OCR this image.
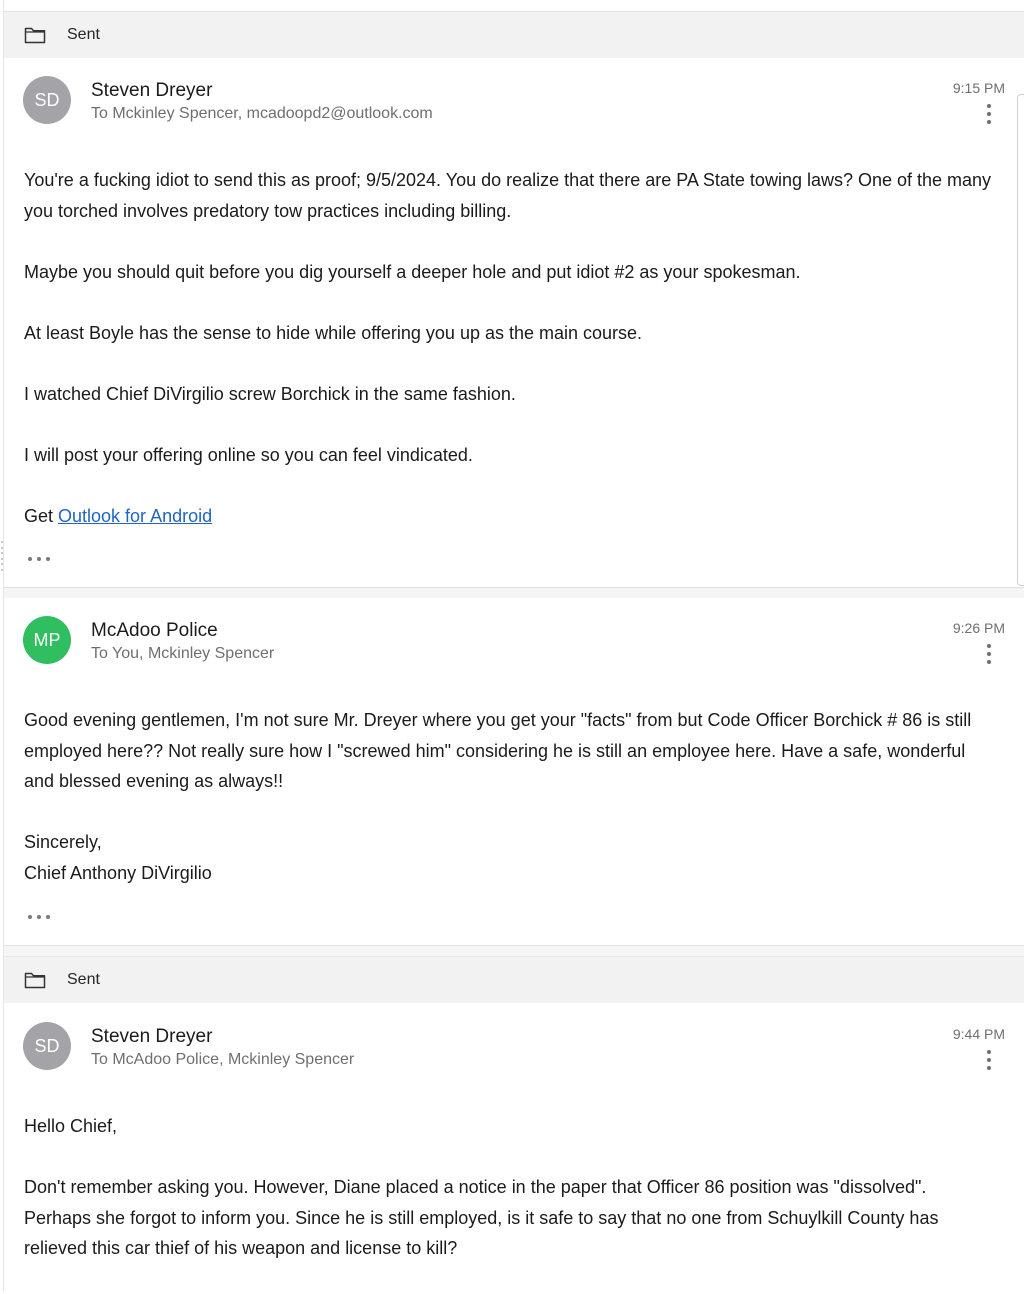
Sent
SD	Steven Dreyer
To Mckinley Spencer, mcadoopd2@outlook.com
9:15 PM

You're a fucking idiot to send this as proof; 9/5/2024. You do realize that there are PA State towing laws? One of the many you torched involves predatory tow practices including billing.

Maybe you should quit before you dig yourself a deeper hole and put idiot #2 as your spokesman.

At least Boyle has the sense to hide while offering you up as the main course.

I watched Chief DiVirgilio screw Borchick in the same fashion.

I will post your offering online so you can feel vindicated.

Get Outlook for Android

MP	McAdoo Police
To You, Mckinley Spencer
9:26 PM

Good evening gentlemen, I'm not sure Mr. Dreyer where you get your "facts" from but Code Officer Borchick # 86 is still employed here?? Not really sure how I "screwed him" considering he is still an employee here. Have a safe, wonderful and blessed evening as always!!

Sincerely,

Chief Anthony DiVirgilio

Sent
SD	Steven Dreyer
To McAdoo Police, Mckinley Spencer
9:44 PM

Hello Chief,

Don't remember asking you. However, Diane placed a notice in the paper that Officer 86 position was "dissolved". Perhaps she forgot to inform you. Since he is still employed, is it safe to say that no one from Schuylkill County has relieved this car thief of his weapon and license to kill?
